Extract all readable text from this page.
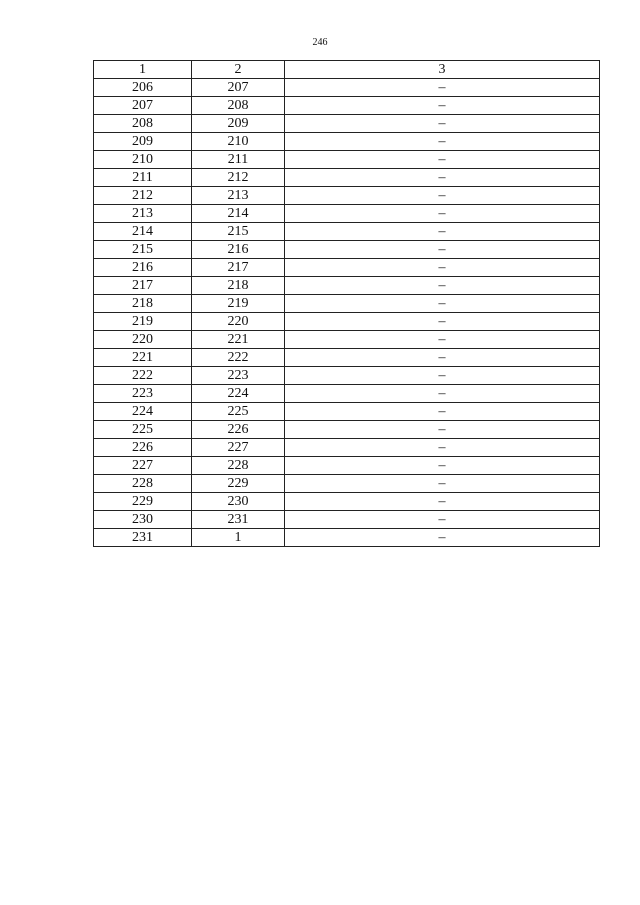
246
1	2	3
206	207	–
207	208	–
208	209	–
209	210	–
210	211	–
211	212	–
212	213	–
213	214	–
214	215	–
215	216	–
216	217	–
217	218	–
218	219	–
219	220	–
220	221	–
221	222	–
222	223	–
223	224	–
224	225	–
225	226	–
226	227	–
227	228	–
228	229	–
229	230	–
230	231	–
231	1	–
